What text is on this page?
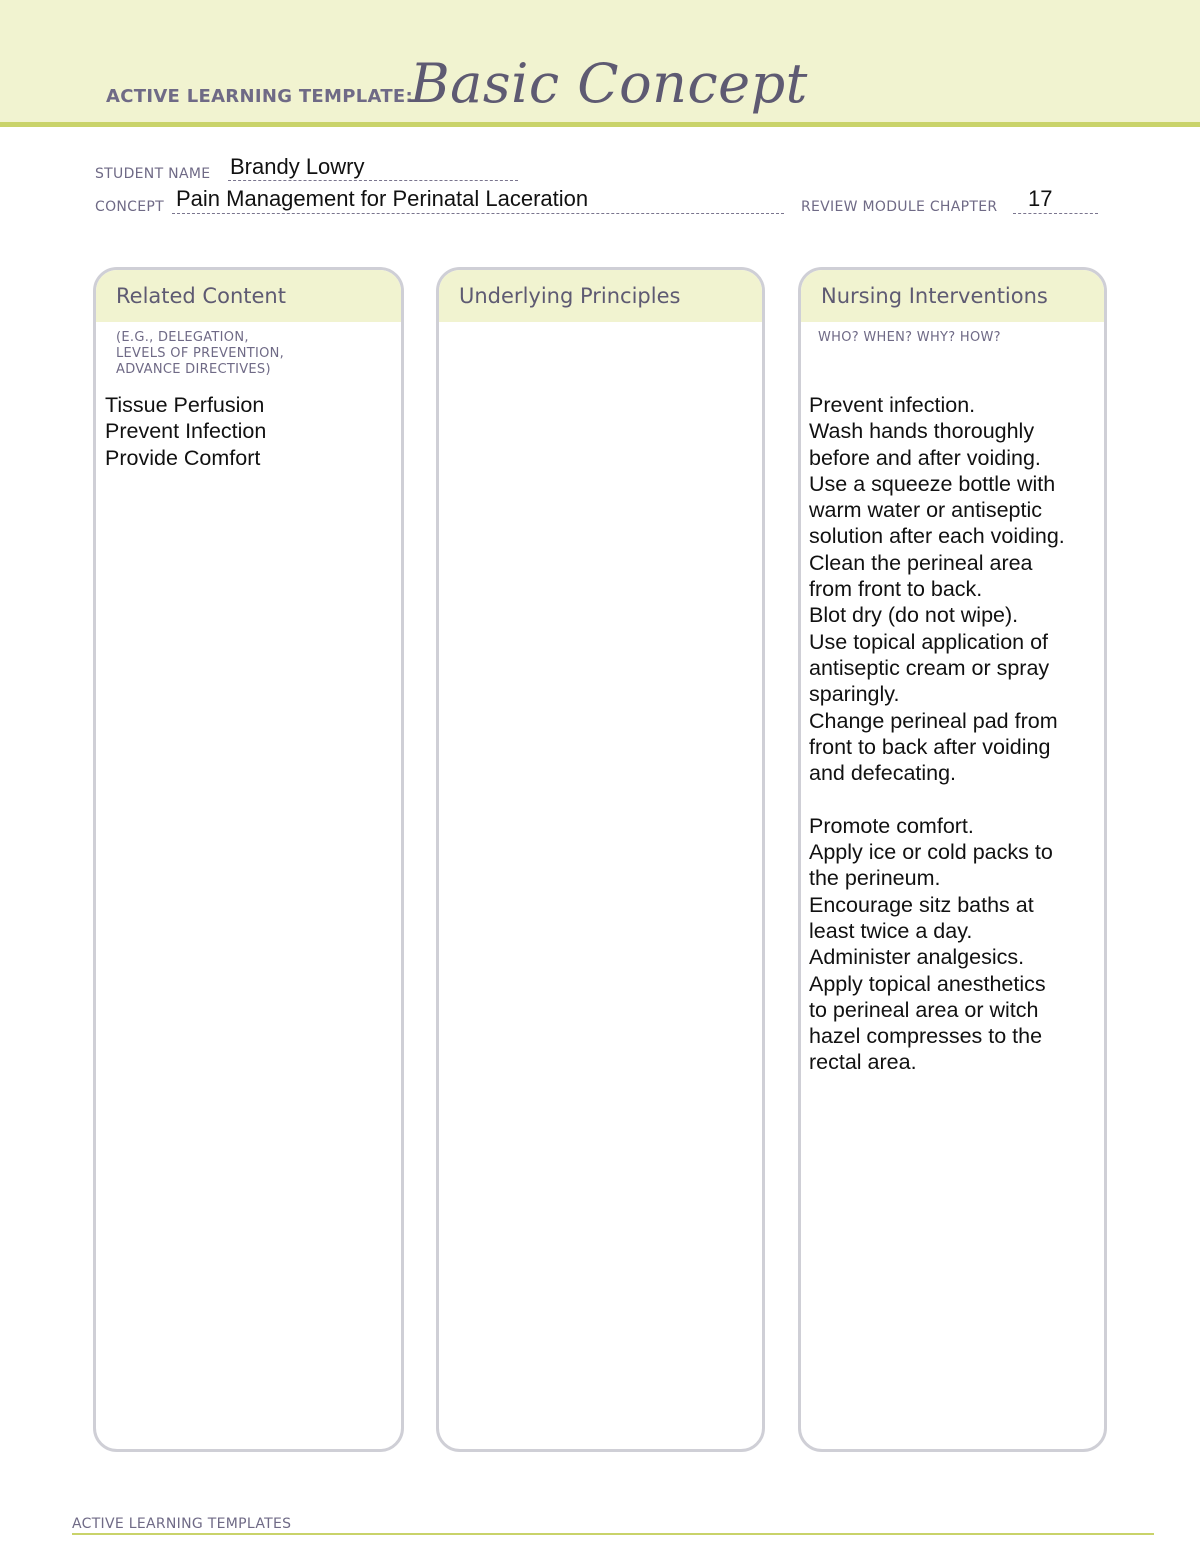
ACTIVE LEARNING TEMPLATE:
Basic Concept
STUDENT NAME Brandy Lowry
CONCEPT Pain Management for Perinatal Laceration	REVIEW MODULE CHAPTER 17
Related Content
(E.G., DELEGATION,
LEVELS OF PREVENTION,
ADVANCE DIRECTIVES)
Tissue Perfusion
Prevent Infection
Provide Comfort
Underlying Principles	Nursing Interventions
WHO? WHEN? WHY? HOW?
Prevent infection.
Wash hands thoroughly
before and after voiding.
Use a squeeze bottle with
warm water or antiseptic
solution after each voiding.
Clean the perineal area
from front to back.
Blot dry (do not wipe).
Use topical application of
antiseptic cream or spray
sparingly.
Change perineal pad from
front to back after voiding
and defecating.
Promote comfort.
Apply ice or cold packs to
the perineum.
Encourage sitz baths at
least twice a day.
Administer analgesics.
Apply topical anesthetics
to perineal area or witch
hazel compresses to the
rectal area.
ACTIVE LEARNING TEMPLATES
